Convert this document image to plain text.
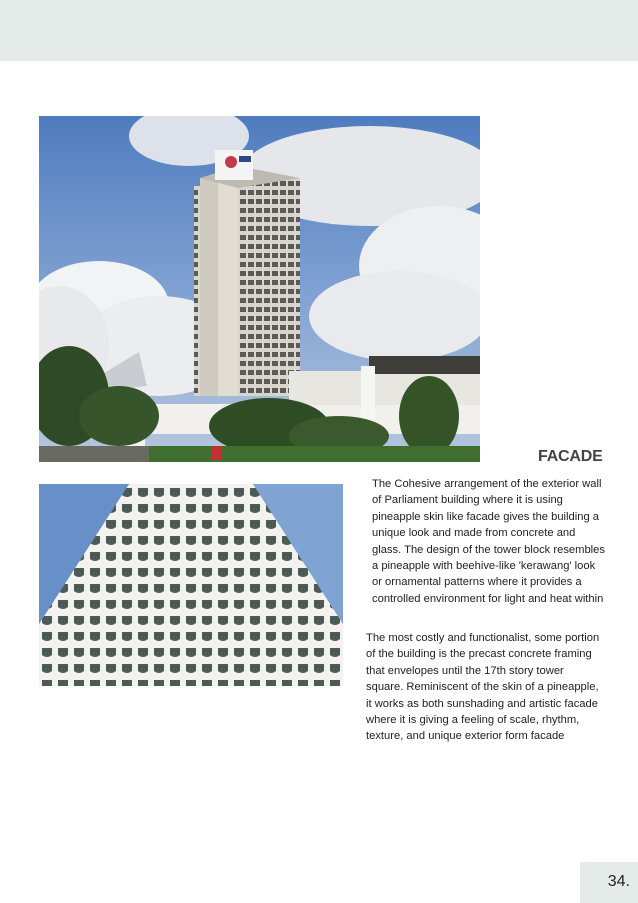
FACADE

The Cohesive arrangement of the exterior wall of Parliament building where it is using pineapple skin like facade gives the building a unique look and made from concrete and glass. The design of the tower block resembles a pineapple with beehive-like 'kerawang' look or ornamental patterns where it provides a controlled environment for light and heat within

The most costly and functionalist, some portion of the building is the precast concrete framing that envelopes until the 17th story tower square. Reminiscent of the skin of a pineapple, it works as both sunshading and artistic facade where it is giving a feeling of scale, rhythm, texture, and unique exterior form facade

34.
